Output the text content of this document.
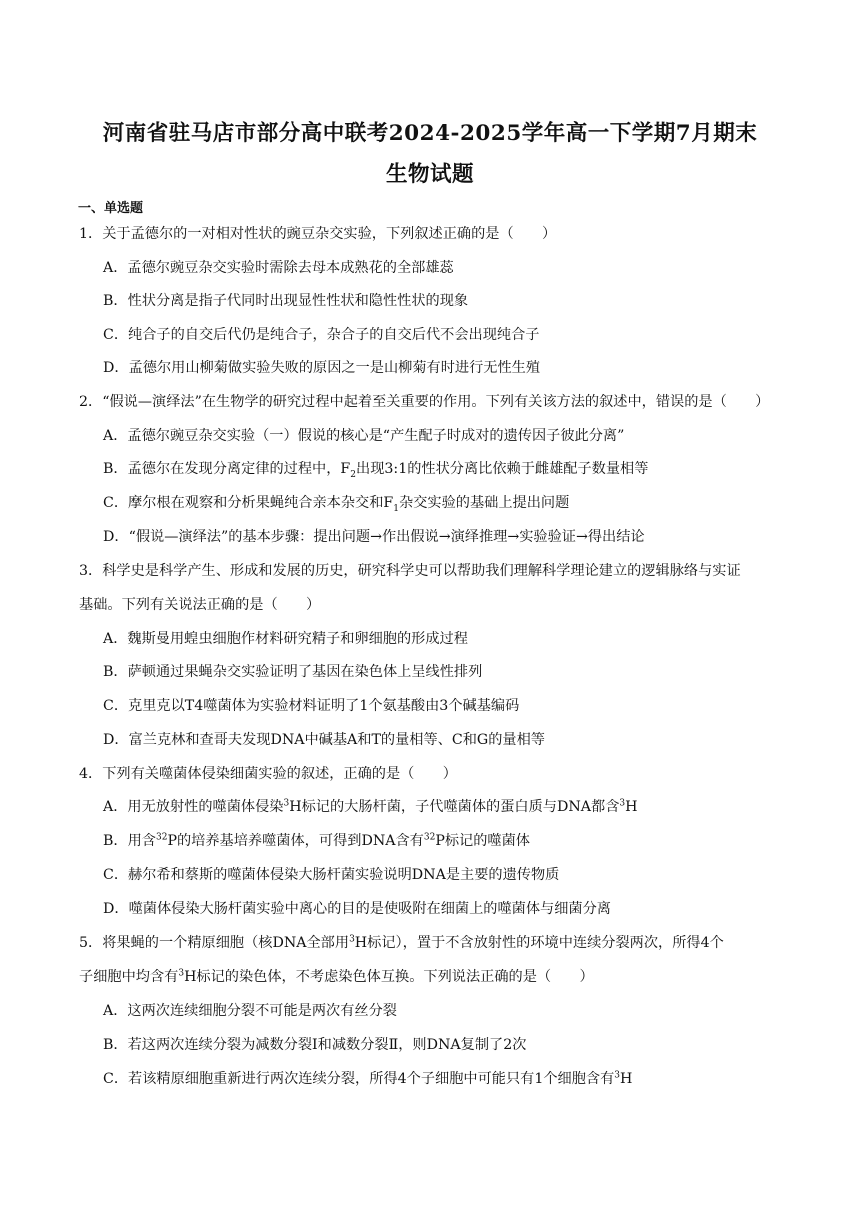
河南省驻马店市部分高中联考2024-2025学年高一下学期7月期末
生物试题
一、单选题
1．关于孟德尔的一对相对性状的豌豆杂交实验，下列叙述正确的是（　　）
A．孟德尔豌豆杂交实验时需除去母本成熟花的全部雄蕊
B．性状分离是指子代同时出现显性性状和隐性性状的现象
C．纯合子的自交后代仍是纯合子，杂合子的自交后代不会出现纯合子
D．孟德尔用山柳菊做实验失败的原因之一是山柳菊有时进行无性生殖
2．“假说—演绎法”在生物学的研究过程中起着至关重要的作用。下列有关该方法的叙述中，错误的是（　　）
A．孟德尔豌豆杂交实验（一）假说的核心是“产生配子时成对的遗传因子彼此分离”
B．孟德尔在发现分离定律的过程中，$F_2$出现3:1的性状分离比依赖于雌雄配子数量相等
C．摩尔根在观察和分析果蝇纯合亲本杂交和$F_1$杂交实验的基础上提出问题
D．“假说—演绎法”的基本步骤：提出问题→作出假说→演绎推理→实验验证→得出结论
3．科学史是科学产生、形成和发展的历史，研究科学史可以帮助我们理解科学理论建立的逻辑脉络与实证
基础。下列有关说法正确的是（　　）
A．魏斯曼用蝗虫细胞作材料研究精子和卵细胞的形成过程
B．萨顿通过果蝇杂交实验证明了基因在染色体上呈线性排列
C．克里克以T4噬菌体为实验材料证明了1个氨基酸由3个碱基编码
D．富兰克林和查哥夫发现DNA中碱基A和T的量相等、C和G的量相等
4．下列有关噬菌体侵染细菌实验的叙述，正确的是（　　）
A．用无放射性的噬菌体侵染$^3$H标记的大肠杆菌，子代噬菌体的蛋白质与DNA都含$^3$H
B．用含$^{32}$P的培养基培养噬菌体，可得到DNA含有$^{32}$P标记的噬菌体
C．赫尔希和蔡斯的噬菌体侵染大肠杆菌实验说明DNA是主要的遗传物质
D．噬菌体侵染大肠杆菌实验中离心的目的是使吸附在细菌上的噬菌体与细菌分离
5．将果蝇的一个精原细胞（核DNA全部用$^3$H标记），置于不含放射性的环境中连续分裂两次，所得4个
子细胞中均含有$^3$H标记的染色体，不考虑染色体互换。下列说法正确的是（　　）
A．这两次连续细胞分裂不可能是两次有丝分裂
B．若这两次连续分裂为减数分裂Ⅰ和减数分裂Ⅱ，则DNA复制了2次
C．若该精原细胞重新进行两次连续分裂，所得4个子细胞中可能只有1个细胞含有$^3$H
